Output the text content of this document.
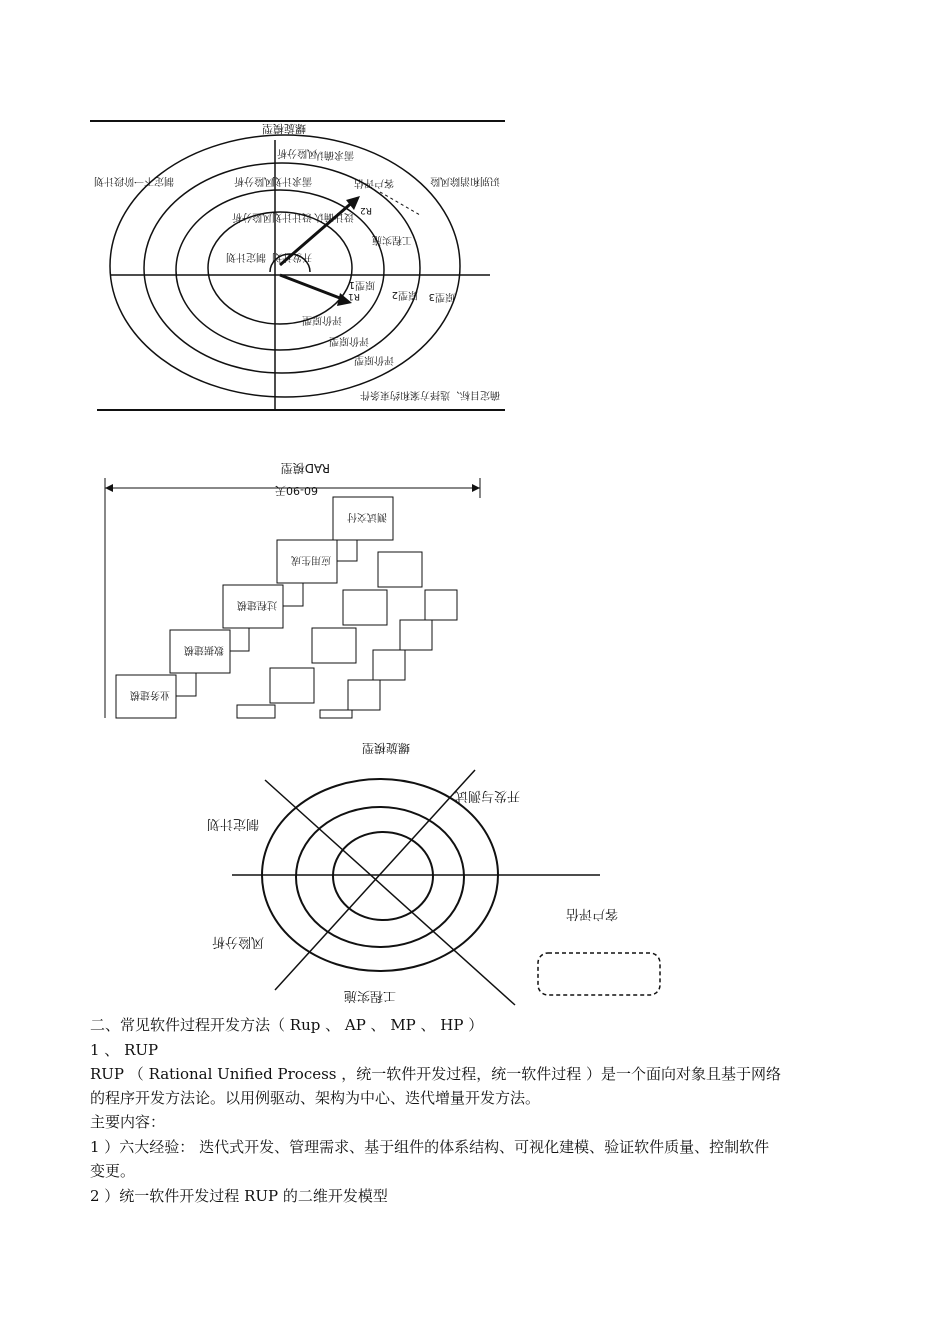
螺旋模型
风险分析
风险分析
风险分析
制定计划
需求计划
设计计划
开发计划
原型1
原型2 原型3
评价原型
评价原型
评价原型
需求确认
设计确认
客户评估
工程实施
制定下一阶段计划
确定目标、选择方案和约束条件
识别和消除风险
R1
R2
RAD模型
60-90天
业务建模
数据建模
过程建模
应用生成
测试交付
螺旋模型
开发与测试
制定计划
风险分析
客户评估
工程实施
二、常见软件过程开发方法（ Rup 、 AP 、 MP 、 HP ）
1 、 RUP
RUP （ Rational Unified Process ，统一软件开发过程，统一软件过程 ）是一个面向对象且基于网络
的程序开发方法论。以用例驱动、架构为中心、迭代增量开发方法。
主要内容：
1 ）六大经验： 迭代式开发、管理需求、基于组件的体系结构、可视化建模、验证软件质量、控制软件
变更。
2 ）统一软件开发过程 RUP 的二维开发模型
